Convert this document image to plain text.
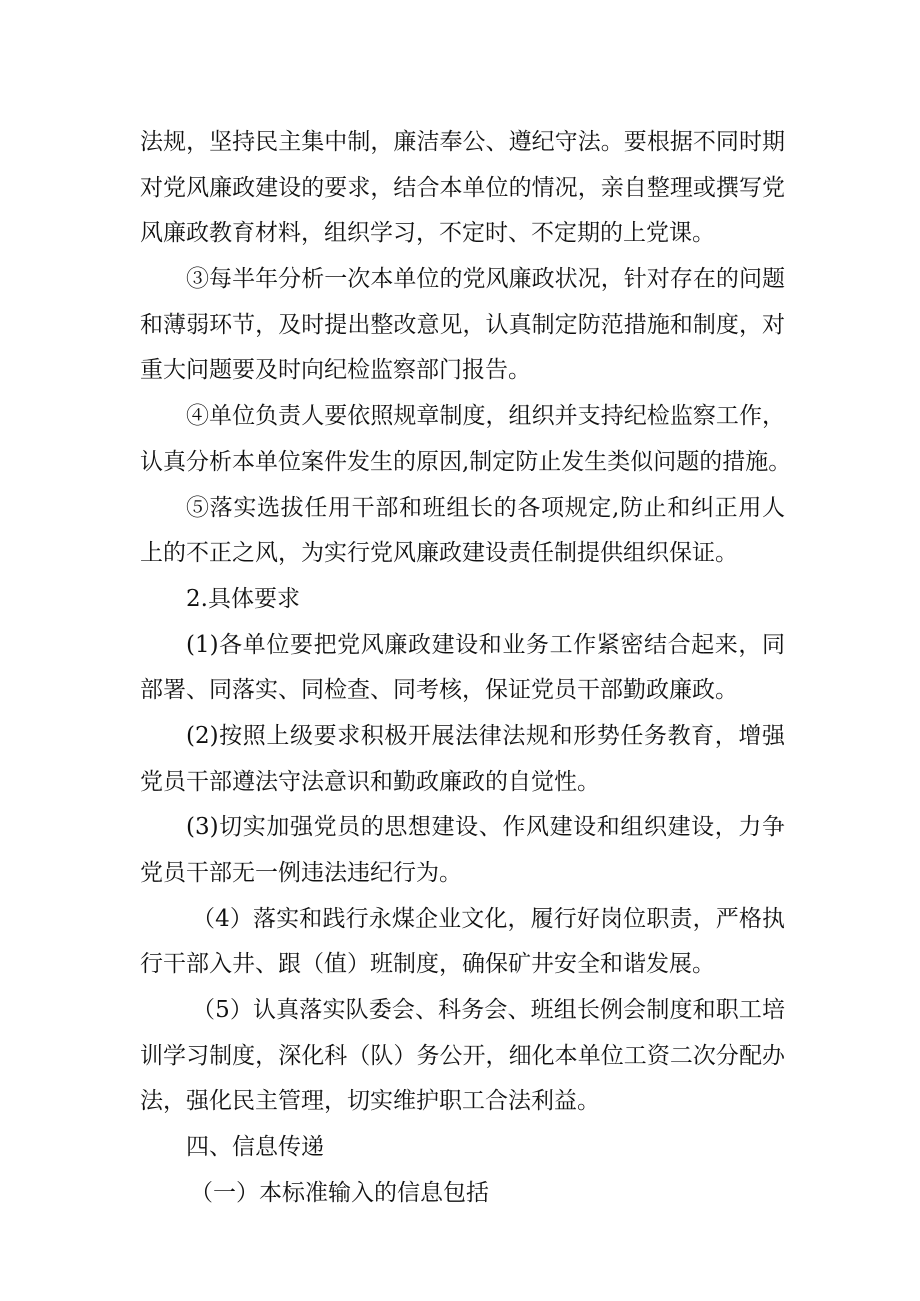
法规，坚持民主集中制，廉洁奉公、遵纪守法。要根据不同时期
对党风廉政建设的要求，结合本单位的情况，亲自整理或撰写党
风廉政教育材料，组织学习，不定时、不定期的上党课。
③每半年分析一次本单位的党风廉政状况，针对存在的问题
和薄弱环节，及时提出整改意见，认真制定防范措施和制度，对
重大问题要及时向纪检监察部门报告。
④单位负责人要依照规章制度，组织并支持纪检监察工作，
认真分析本单位案件发生的原因,制定防止发生类似问题的措施。
⑤落实选拔任用干部和班组长的各项规定,防止和纠正用人
上的不正之风，为实行党风廉政建设责任制提供组织保证。
2.具体要求
(1)各单位要把党风廉政建设和业务工作紧密结合起来，同
部署、同落实、同检查、同考核，保证党员干部勤政廉政。
(2)按照上级要求积极开展法律法规和形势任务教育，增强
党员干部遵法守法意识和勤政廉政的自觉性。
(3)切实加强党员的思想建设、作风建设和组织建设，力争
党员干部无一例违法违纪行为。
（4）落实和践行永煤企业文化，履行好岗位职责，严格执
行干部入井、跟（值）班制度，确保矿井安全和谐发展。
（5）认真落实队委会、科务会、班组长例会制度和职工培
训学习制度，深化科（队）务公开，细化本单位工资二次分配办
法，强化民主管理，切实维护职工合法利益。
四、信息传递
（一）本标准输入的信息包括
